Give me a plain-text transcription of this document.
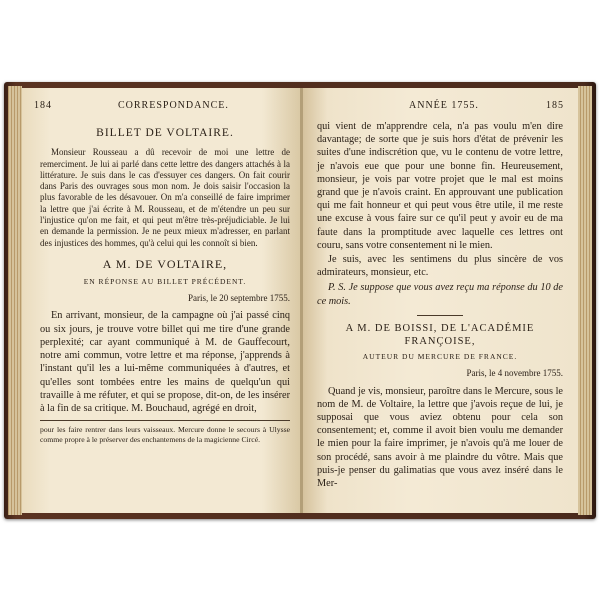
184	CORRESPONDANCE.
BILLET DE VOLTAIRE.

Monsieur Rousseau a dû recevoir de moi une lettre de remerciment. Je lui ai parlé dans cette lettre des dangers attachés à la littérature. Je suis dans le cas d'essuyer ces dangers. On fait courir dans Paris des ouvrages sous mon nom. Je dois saisir l'occasion la plus favorable de les désavouer. On m'a conseillé de faire imprimer la lettre que j'ai écrite à M. Rousseau, et de m'étendre un peu sur l'injustice qu'on me fait, et qui peut m'être très-préjudiciable. Je lui en demande la permission. Je ne peux mieux m'adresser, en parlant des injustices des hommes, qu'à celui qui les connoît si bien.

A M. DE VOLTAIRE,
EN RÉPONSE AU BILLET PRÉCÉDENT.
Paris, le 20 septembre 1755.

En arrivant, monsieur, de la campagne où j'ai passé cinq ou six jours, je trouve votre billet qui me tire d'une grande perplexité; car ayant communiqué à M. de Gauffecourt, notre ami commun, votre lettre et ma réponse, j'apprends à l'instant qu'il les a lui-même communiquées à d'autres, et qu'elles sont tombées entre les mains de quelqu'un qui travaille à me réfuter, et qui se propose, dit-on, de les insérer à la fin de sa critique. M. Bouchaud, agrégé en droit,

pour les faire rentrer dans leurs vaisseaux. Mercure donne le secours à Ulysse comme propre à le préserver des enchantemens de la magicienne Circé.

ANNÉE 1755.	185

qui vient de m'apprendre cela, n'a pas voulu m'en dire davantage; de sorte que je suis hors d'état de prévenir les suites d'une indiscrétion que, vu le contenu de votre lettre, je n'avois eue que pour une bonne fin. Heureusement, monsieur, je vois par votre projet que le mal est moins grand que je n'avois craint. En approuvant une publication qui me fait honneur et qui peut vous être utile, il me reste une excuse à vous faire sur ce qu'il peut y avoir eu de ma faute dans la promptitude avec laquelle ces lettres ont couru, sans votre consentement ni le mien.

Je suis, avec les sentimens du plus sincère de vos admirateurs, monsieur, etc.

P. S. Je suppose que vous avez reçu ma réponse du 10 de ce mois.

A M. DE BOISSI, DE L'ACADÉMIE FRANÇOISE,
AUTEUR DU MERCURE DE FRANCE.
Paris, le 4 novembre 1755.

Quand je vis, monsieur, paroître dans le Mercure, sous le nom de M. de Voltaire, la lettre que j'avois reçue de lui, je supposai que vous aviez obtenu pour cela son consentement; et, comme il avoit bien voulu me demander le mien pour la faire imprimer, je n'avois qu'à me louer de son procédé, sans avoir à me plaindre du vôtre. Mais que puis-je penser du galimatias que vous avez inséré dans le Mer-
